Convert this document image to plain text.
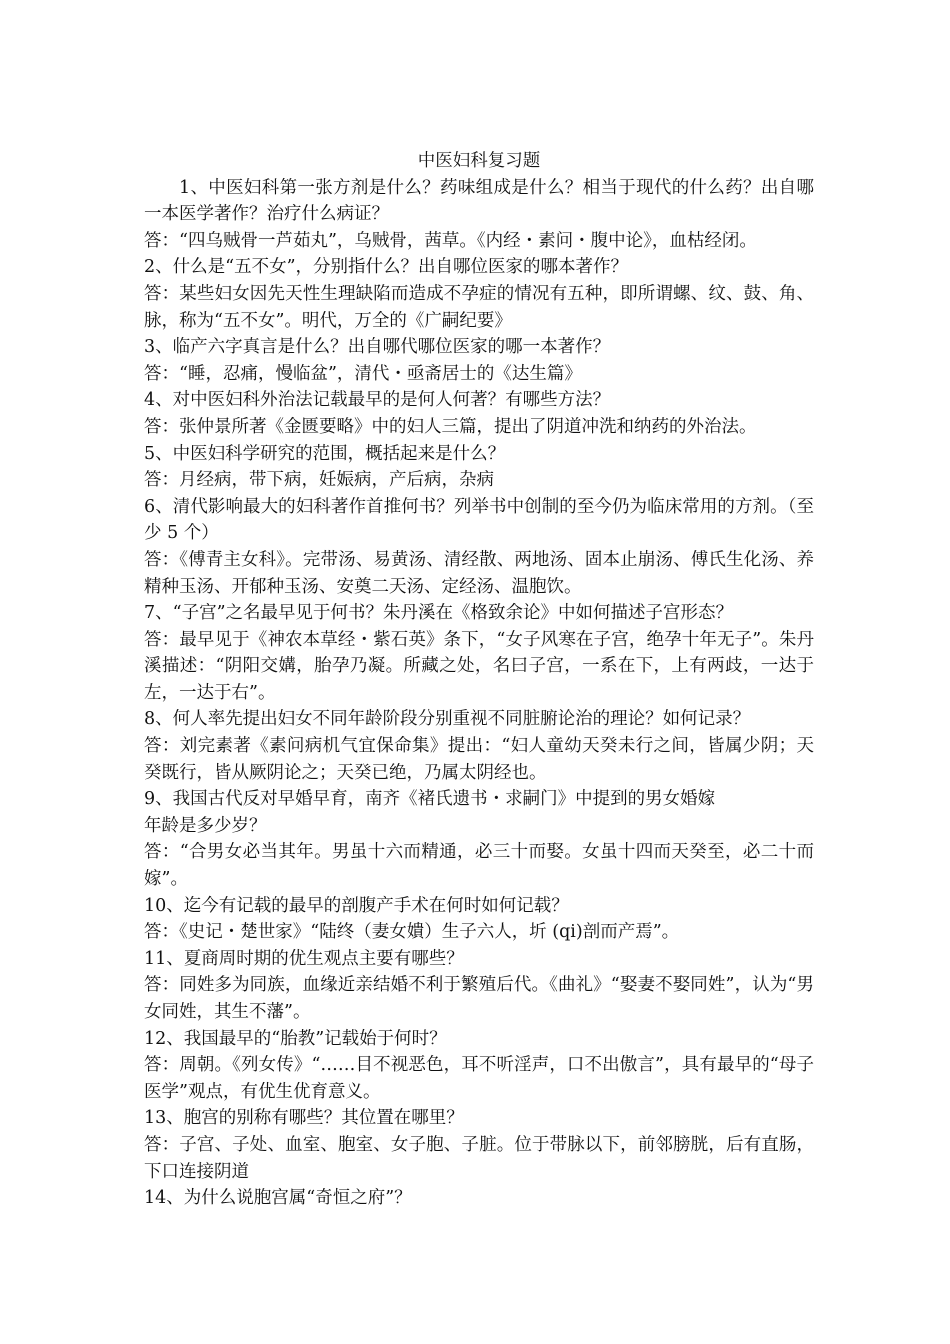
中医妇科复习题

1、中医妇科第一张方剂是什么？药味组成是什么？相当于现代的什么药？出自哪一本医学著作？治疗什么病证？

答：“四乌贼骨一芦茹丸”，乌贼骨，茜草。《内经・素问・腹中论》，血枯经闭。

2、什么是“五不女”，分别指什么？出自哪位医家的哪本著作？

答：某些妇女因先天性生理缺陷而造成不孕症的情况有五种，即所谓螺、纹、鼓、角、脉，称为“五不女”。明代，万全的《广嗣纪要》

3、临产六字真言是什么？出自哪代哪位医家的哪一本著作？

答：“睡，忍痛，慢临盆”，清代・亟斋居士的《达生篇》

4、对中医妇科外治法记载最早的是何人何著？有哪些方法？

答：张仲景所著《金匮要略》中的妇人三篇，提出了阴道冲洗和纳药的外治法。

5、中医妇科学研究的范围，概括起来是什么？

答：月经病，带下病，妊娠病，产后病，杂病

6、清代影响最大的妇科著作首推何书？列举书中创制的至今仍为临床常用的方剂。（至少 5 个）

答：《傅青主女科》。完带汤、易黄汤、清经散、两地汤、固本止崩汤、傅氏生化汤、养精种玉汤、开郁种玉汤、安奠二天汤、定经汤、温胞饮。

7、“子宫”之名最早见于何书？朱丹溪在《格致余论》中如何描述子宫形态？

答：最早见于《神农本草经・紫石英》条下，“女子风寒在子宫，绝孕十年无子”。朱丹溪描述：“阴阳交媾，胎孕乃凝。所藏之处，名曰子宫，一系在下，上有两歧，一达于左，一达于右”。

8、何人率先提出妇女不同年龄阶段分别重视不同脏腑论治的理论？如何记录？

答：刘完素著《素问病机气宜保命集》提出：“妇人童幼天癸未行之间，皆属少阴；天癸既行，皆从厥阴论之；天癸已绝，乃属太阴经也。

9、我国古代反对早婚早育，南齐《褚氏遗书・求嗣门》中提到的男女婚嫁

年龄是多少岁？

答：“合男女必当其年。男虽十六而精通，必三十而娶。女虽十四而天癸至，必二十而嫁”。

10、迄今有记载的最早的剖腹产手术在何时如何记载？

答：《史记・楚世家》“陆终（妻女嬇）生子六人，圻 (qi)剖而产焉”。

11、夏商周时期的优生观点主要有哪些？

答：同姓多为同族，血缘近亲结婚不利于繁殖后代。《曲礼》“娶妻不娶同姓”，认为“男女同姓，其生不藩”。

12、我国最早的“胎教”记载始于何时？

答：周朝。《列女传》“……目不视恶色，耳不听淫声，口不出傲言”，具有最早的“母子医学”观点，有优生优育意义。

13、胞宫的别称有哪些？其位置在哪里？

答：子宫、子处、血室、胞室、女子胞、子脏。位于带脉以下，前邻膀胱，后有直肠，下口连接阴道

14、为什么说胞宫属“奇恒之府”？
